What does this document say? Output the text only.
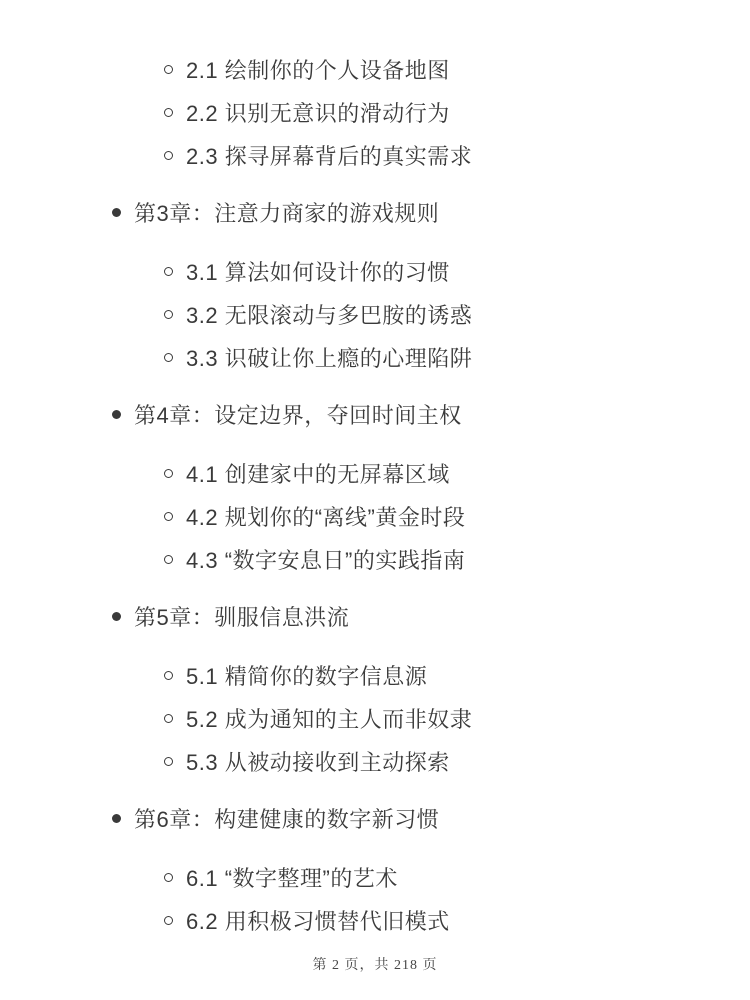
2.1 绘制你的个人设备地图
2.2 识别无意识的滑动行为
2.3 探寻屏幕背后的真实需求
第3章：注意力商家的游戏规则
3.1 算法如何设计你的习惯
3.2 无限滚动与多巴胺的诱惑
3.3 识破让你上瘾的心理陷阱
第4章：设定边界，夺回时间主权
4.1 创建家中的无屏幕区域
4.2 规划你的“离线”黄金时段
4.3 “数字安息日”的实践指南
第5章：驯服信息洪流
5.1 精简你的数字信息源
5.2 成为通知的主人而非奴隶
5.3 从被动接收到主动探索
第6章：构建健康的数字新习惯
6.1 “数字整理”的艺术
6.2 用积极习惯替代旧模式
第 2 页，共 218 页
